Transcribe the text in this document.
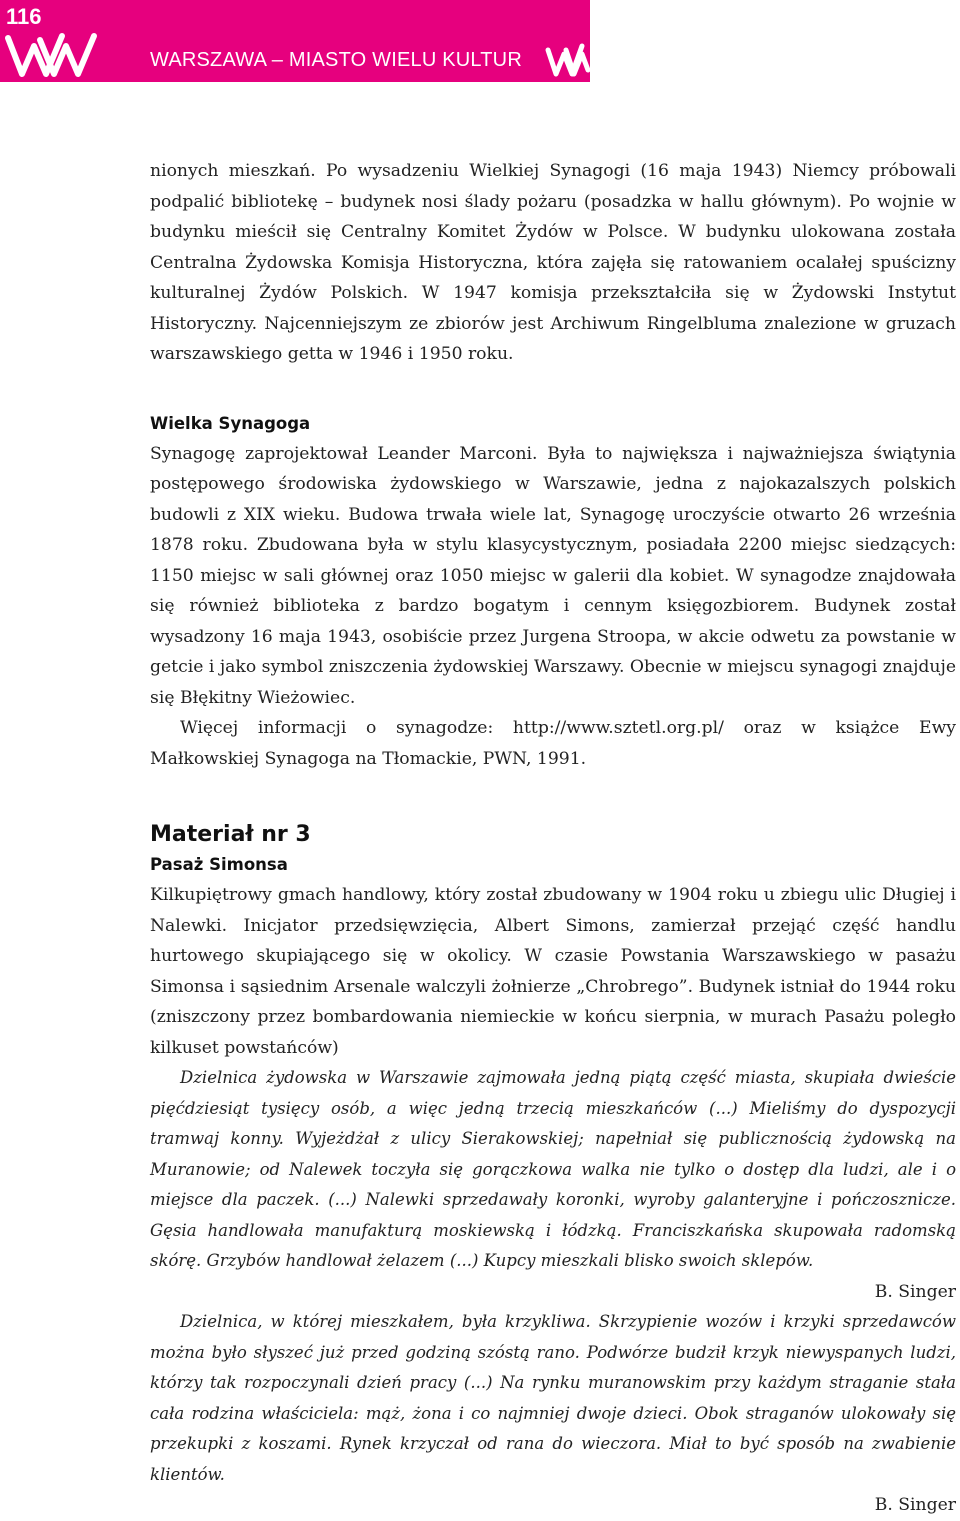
116
WARSZAWA – MIASTO WIELU KULTUR

nionych mieszkań. Po wysadzeniu Wielkiej Synagogi (16 maja 1943) Niemcy próbowali podpalić bibliotekę – budynek nosi ślady pożaru (posadzka w hallu głównym). Po wojnie w budynku mieścił się Centralny Komitet Żydów w Polsce. W budynku ulokowana została Centralna Żydowska Komisja Historyczna, która zajęła się ratowaniem ocalałej spuścizny kulturalnej Żydów Polskich. W 1947 komisja przekształciła się w Żydowski Instytut Historyczny. Najcenniejszym ze zbiorów jest Archiwum Ringelbluma znalezione w gruzach warszawskiego getta w 1946 i 1950 roku.

Wielka Synagoga

Synagogę zaprojektował Leander Marconi. Była to największa i najważniejsza świątynia postępowego środowiska żydowskiego w Warszawie, jedna z najokazalszych polskich budowli z XIX wieku. Budowa trwała wiele lat, Synagogę uroczyście otwarto 26 września 1878 roku. Zbudowana była w stylu klasycystycznym, posiadała 2200 miejsc siedzących: 1150 miejsc w sali głównej oraz 1050 miejsc w galerii dla kobiet. W synagodze znajdowała się również biblioteka z bardzo bogatym i cennym księgozbiorem. Budynek został wysadzony 16 maja 1943, osobiście przez Jurgena Stroopa, w akcie odwetu za powstanie w getcie i jako symbol zniszczenia żydowskiej Warszawy. Obecnie w miejscu synagogi znajduje się Błękitny Wieżowiec.

Więcej informacji o synagodze: http://www.sztetl.org.pl/ oraz w książce Ewy Małkowskiej Synagoga na Tłomackie, PWN, 1991.

Materiał nr 3
Pasaż Simonsa

Kilkupiętrowy gmach handlowy, który został zbudowany w 1904 roku u zbiegu ulic Długiej i Nalewki. Inicjator przedsięwzięcia, Albert Simons, zamierzał przejąć część handlu hurtowego skupiającego się w okolicy. W czasie Powstania Warszawskiego w pasażu Simonsa i sąsiednim Arsenale walczyli żołnierze „Chrobrego”. Budynek istniał do 1944 roku (zniszczony przez bombardowania niemieckie w końcu sierpnia, w murach Pasażu poległo kilkuset powstańców)

Dzielnica żydowska w Warszawie zajmowała jedną piątą część miasta, skupiała dwieście pięćdziesiąt tysięcy osób, a więc jedną trzecią mieszkańców (...) Mieliśmy do dyspozycji tramwaj konny. Wyjeżdżał z ulicy Sierakowskiej; napełniał się publicznością żydowską na Muranowie; od Nalewek toczyła się gorączkowa walka nie tylko o dostęp dla ludzi, ale i o miejsce dla paczek. (...) Nalewki sprzedawały koronki, wyroby galanteryjne i pończosznicze. Gęsia handlowała manufakturą moskiewską i łódzką. Franciszkańska skupowała radomską skórę. Grzybów handlował żelazem (...) Kupcy mieszkali blisko swoich sklepów.

B. Singer

Dzielnica, w której mieszkałem, była krzykliwa. Skrzypienie wozów i krzyki sprzedawców można było słyszeć już przed godziną szóstą rano. Podwórze budził krzyk niewyspanych ludzi, którzy tak rozpoczynali dzień pracy (...) Na rynku muranowskim przy każdym straganie stała cała rodzina właściciela: mąż, żona i co najmniej dwoje dzieci. Obok straganów ulokowały się przekupki z koszami. Rynek krzyczał od rana do wieczora. Miał to być sposób na zwabienie klientów.

B. Singer
